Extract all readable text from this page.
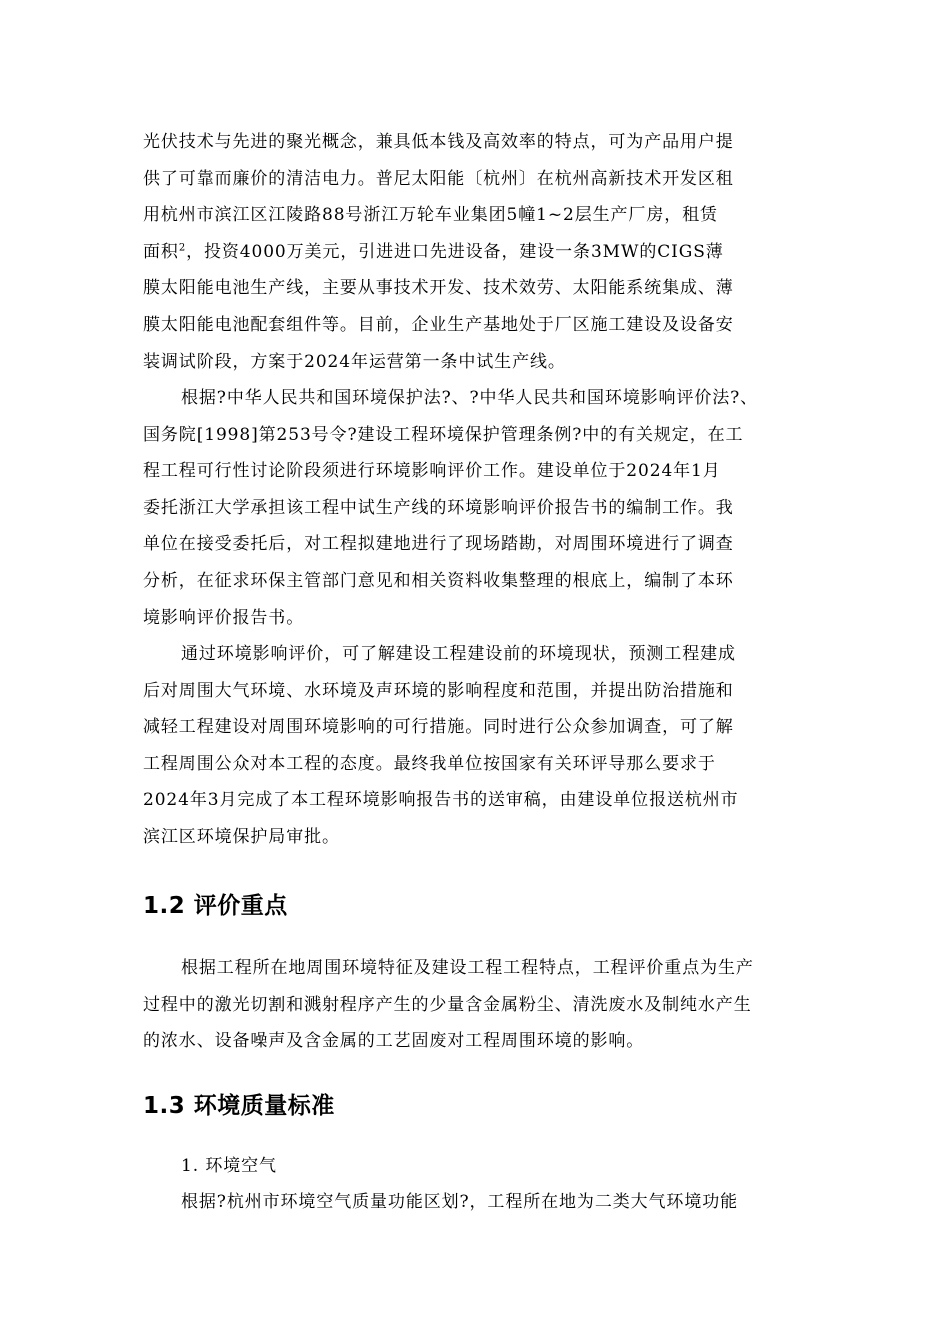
光伏技术与先进的聚光概念，兼具低本钱及高效率的特点，可为产品用户提

供了可靠而廉价的清洁电力。普尼太阳能〔杭州〕在杭州高新技术开发区租

用杭州市滨江区江陵路88号浙江万轮车业集团5幢1~2层生产厂房，租赁

面积$^2$，投资4000万美元，引进进口先进设备，建设一条3MW的CIGS薄

膜太阳能电池生产线，主要从事技术开发、技术效劳、太阳能系统集成、薄

膜太阳能电池配套组件等。目前，企业生产基地处于厂区施工建设及设备安

装调试阶段，方案于2024年运营第一条中试生产线。

根据?中华人民共和国环境保护法?、?中华人民共和国环境影响评价法?、

国务院[1998]第253号令?建设工程环境保护管理条例?中的有关规定，在工

程工程可行性讨论阶段须进行环境影响评价工作。建设单位于2024年1月

委托浙江大学承担该工程中试生产线的环境影响评价报告书的编制工作。我

单位在接受委托后，对工程拟建地进行了现场踏勘，对周围环境进行了调查

分析，在征求环保主管部门意见和相关资料收集整理的根底上，编制了本环

境影响评价报告书。

通过环境影响评价，可了解建设工程建设前的环境现状，预测工程建成

后对周围大气环境、水环境及声环境的影响程度和范围，并提出防治措施和

减轻工程建设对周围环境影响的可行措施。同时进行公众参加调查，可了解

工程周围公众对本工程的态度。最终我单位按国家有关环评导那么要求于

2024年3月完成了本工程环境影响报告书的送审稿，由建设单位报送杭州市

滨江区环境保护局审批。

1.2 评价重点

根据工程所在地周围环境特征及建设工程工程特点，工程评价重点为生产

过程中的激光切割和溅射程序产生的少量含金属粉尘、清洗废水及制纯水产生

的浓水、设备噪声及含金属的工艺固废对工程周围环境的影响。

1.3 环境质量标准

1. 环境空气

根据?杭州市环境空气质量功能区划?，工程所在地为二类大气环境功能
